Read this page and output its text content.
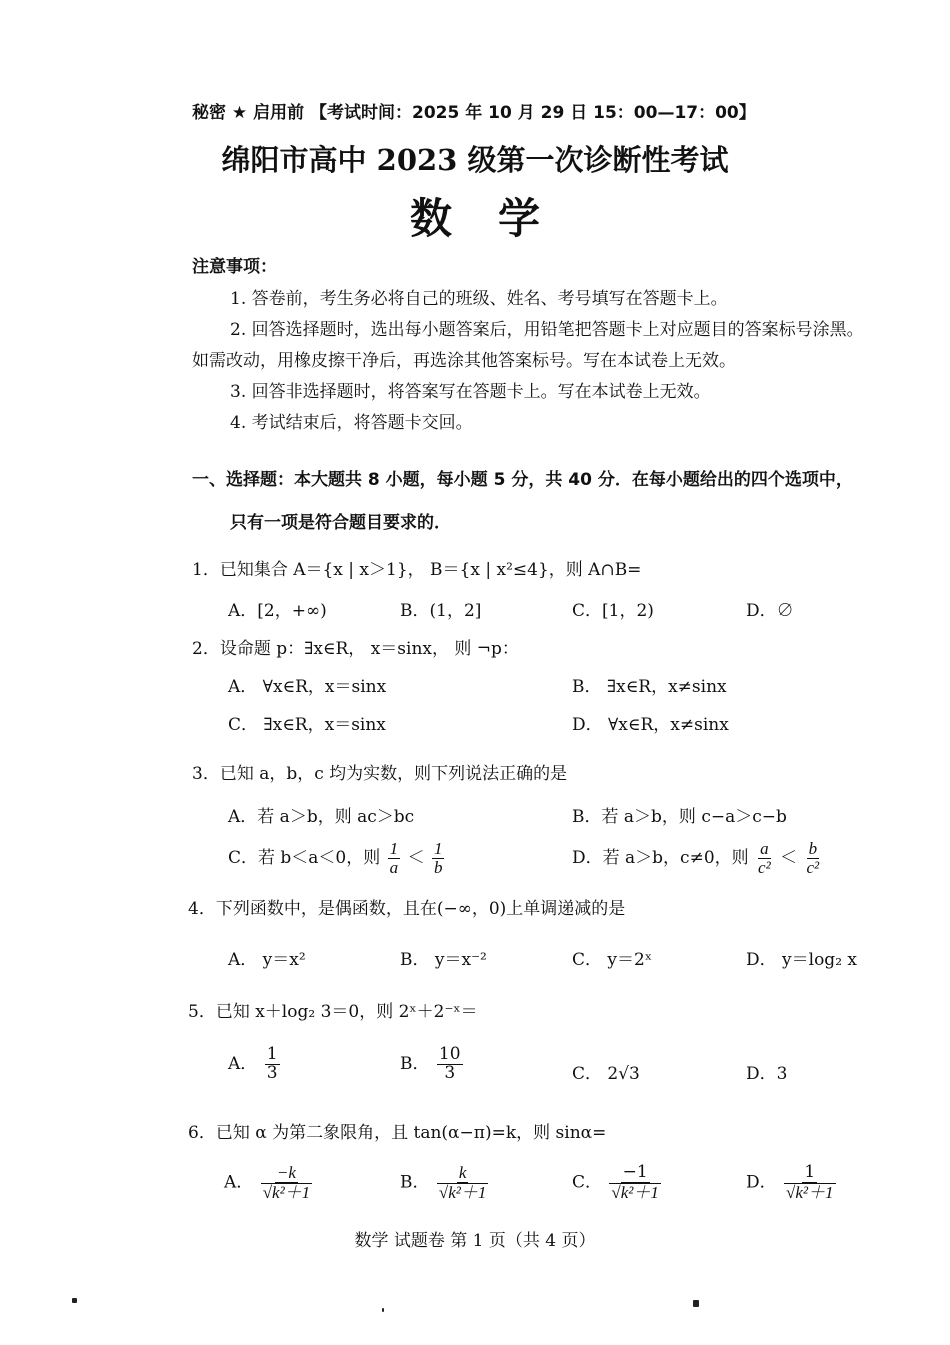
秘密 ★ 启用前 【考试时间：2025 年 10 月 29 日 15：00—17：00】
绵阳市高中 2023 级第一次诊断性考试
数学
注意事项：
1. 答卷前，考生务必将自己的班级、姓名、考号填写在答题卡上。
2. 回答选择题时，选出每小题答案后，用铅笔把答题卡上对应题目的答案标号涂黑。
如需改动，用橡皮擦干净后，再选涂其他答案标号。写在本试卷上无效。
3. 回答非选择题时，将答案写在答题卡上。写在本试卷上无效。
4. 考试结束后，将答题卡交回。
一、选择题：本大题共 8 小题，每小题 5 分，共 40 分．在每小题给出的四个选项中，
只有一项是符合题目要求的．
1．已知集合 A＝{x | x＞1}， B＝{x | x²≤4}，则 A∩B=
A．[2，+∞)	B．(1，2]	C．[1，2)	D．∅
2．设命题 p：∃x∈R， x＝sinx， 则 ¬p：
A． ∀x∈R，x＝sinx	B． ∃x∈R，x≠sinx
C． ∃x∈R，x＝sinx	D． ∀x∈R，x≠sinx
3．已知 a，b，c 均为实数，则下列说法正确的是
A．若 a＞b，则 ac＞bc	B．若 a＞b，则 c−a＞c−b
C．若 b＜a＜0，则 $\frac{1}{a} < \frac{1}{b}$	D．若 a＞b，c≠0，则 $\frac{a}{\text{c²}} < \frac{b}{\text{c²}}$
4．下列函数中，是偶函数，且在(−∞，0)上单调递减的是
A． y＝x²	B． y＝x⁻²	C． y＝2ˣ	D． y＝log₂ x
5．已知 x＋log₂ 3＝0，则 2ˣ＋2⁻ˣ＝
A． $\frac{1}{3}$	B． $\frac{10}{3}$	C． 2√3	D．3
6．已知 α 为第二象限角，且 tan(α−π)=k，则 sinα=
A． $\frac{-k}{\text{√k²＋1}}$	B． $\frac{k}{\text{√k²＋1}}$	C． $\frac{-1}{\text{√k²＋1}}$	D． $\frac{1}{\text{√k²＋1}}$
数学 试题卷 第 1 页（共 4 页）
